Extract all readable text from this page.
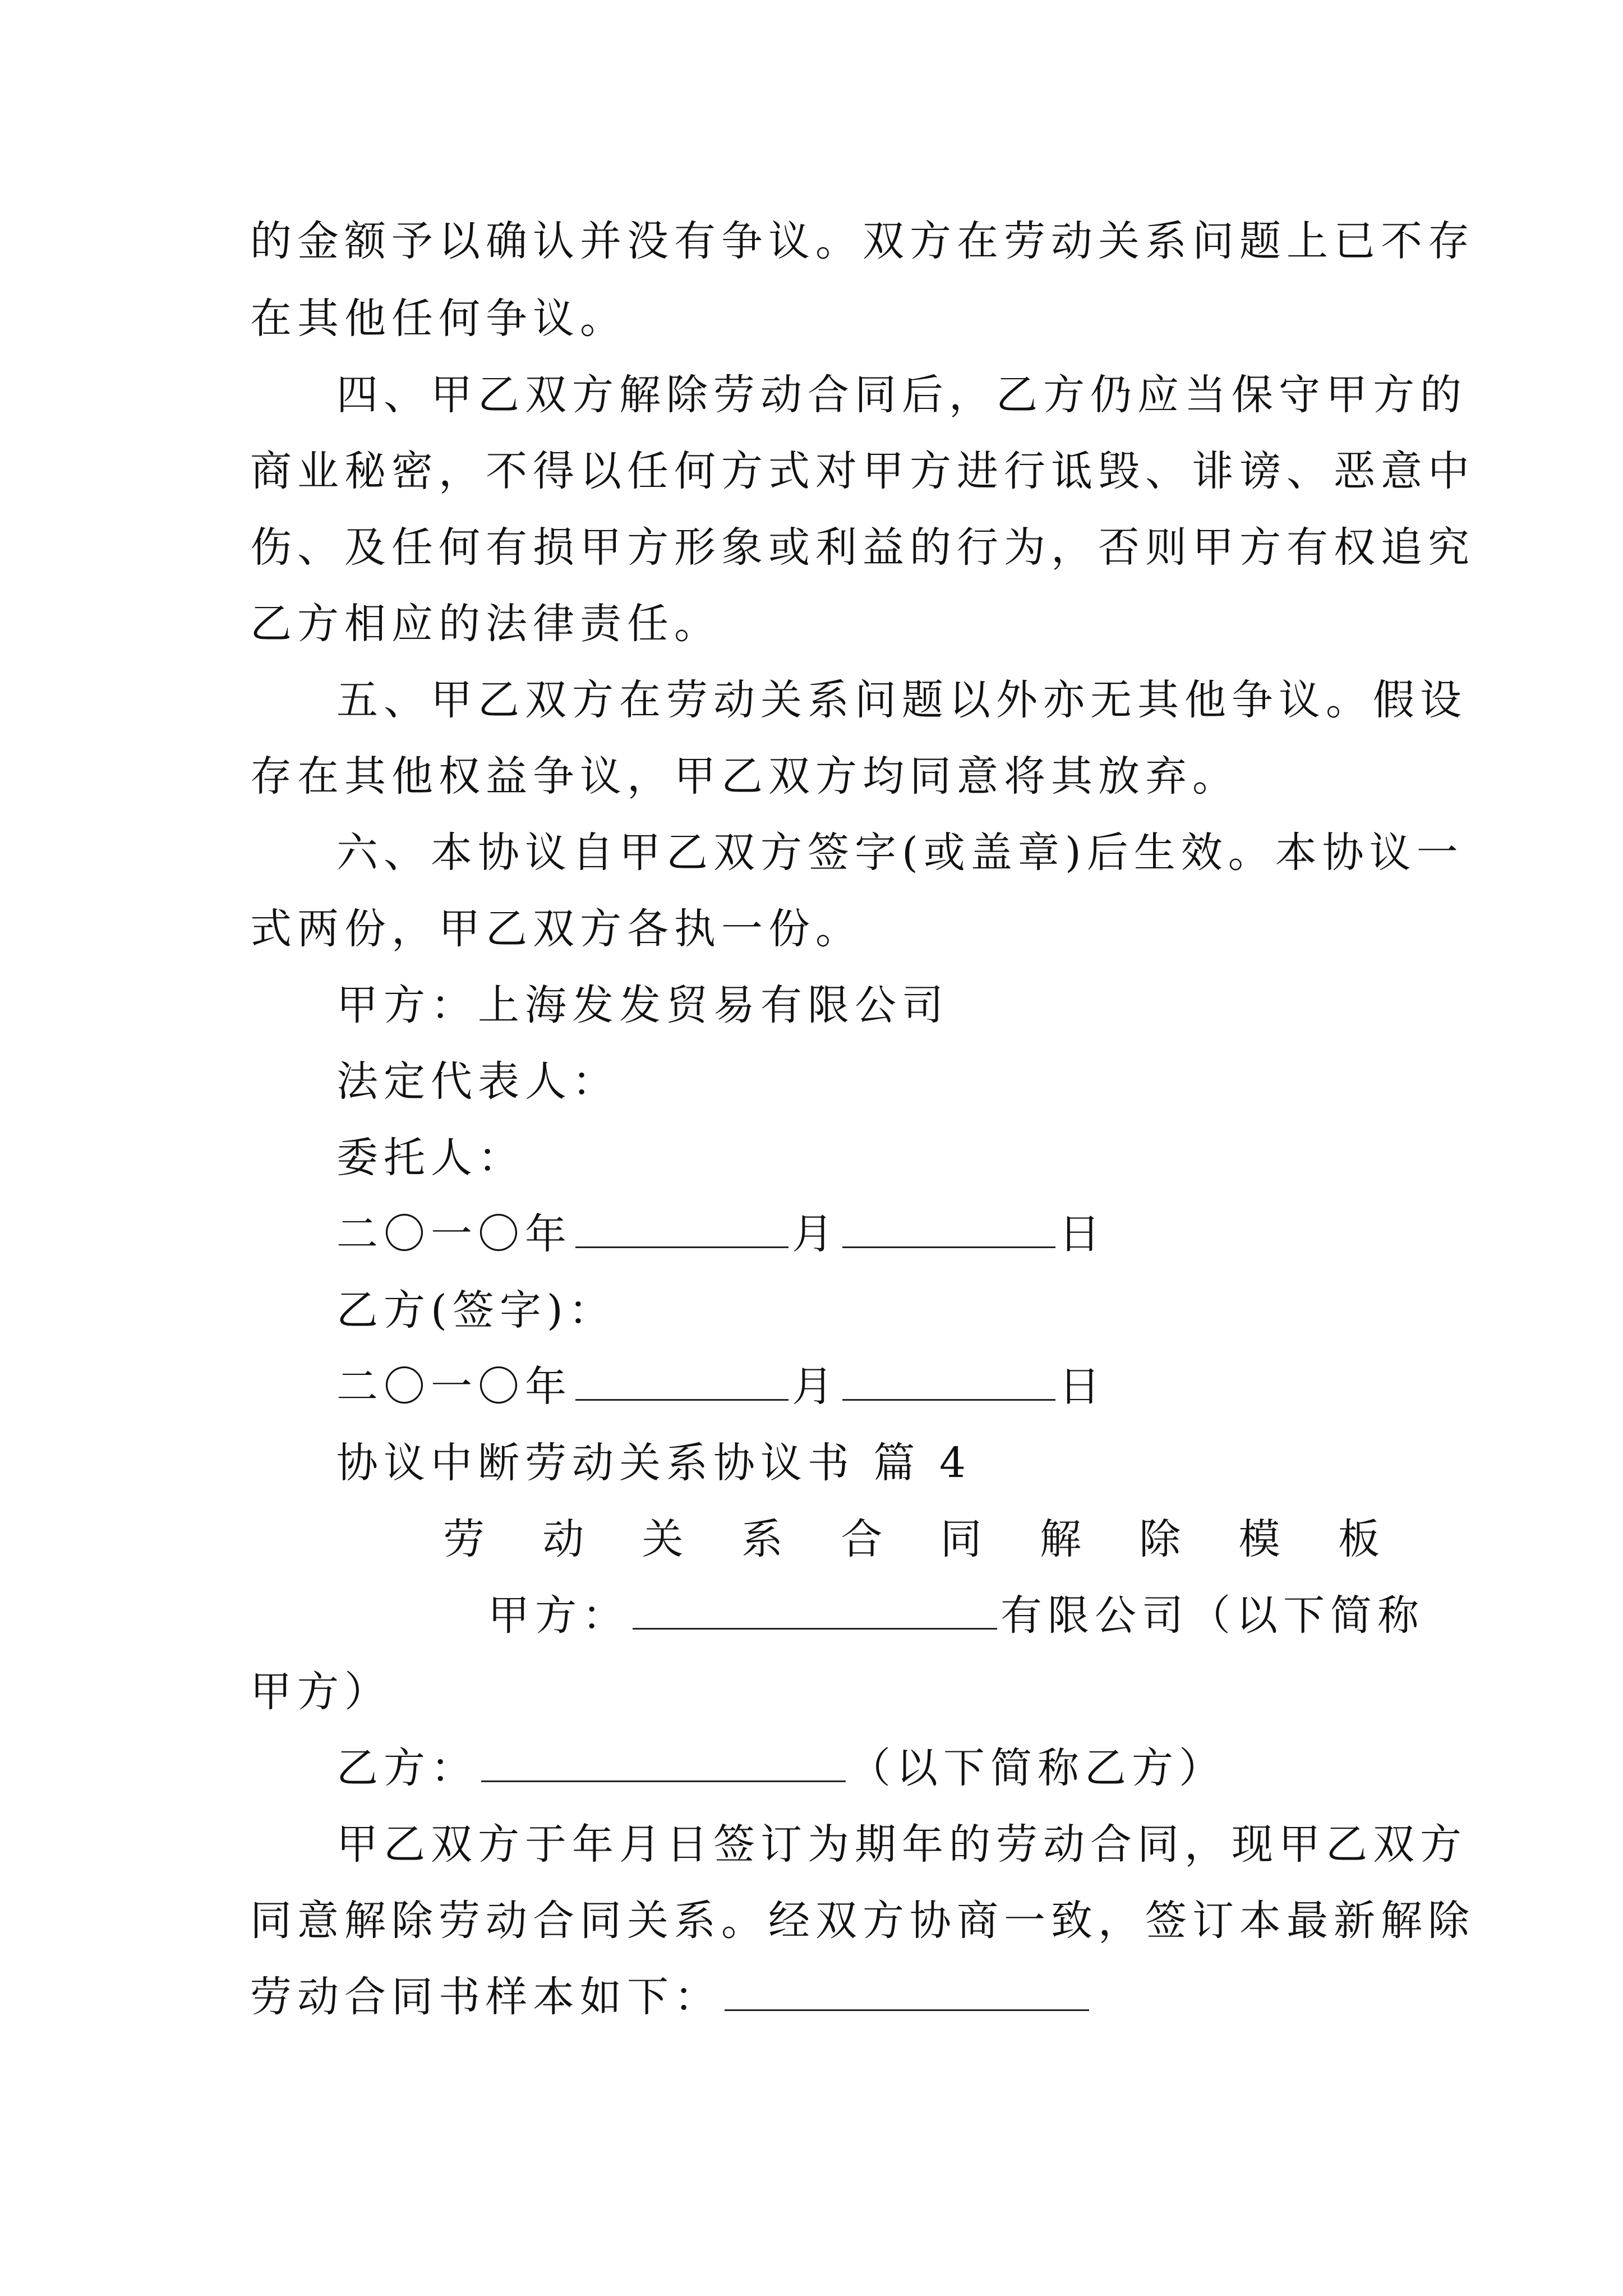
的金额予以确认并没有争议。双方在劳动关系问题上已不存
在其他任何争议。
四、甲乙双方解除劳动合同后，乙方仍应当保守甲方的
商业秘密，不得以任何方式对甲方进行诋毁、诽谤、恶意中
伤、及任何有损甲方形象或利益的行为，否则甲方有权追究
乙方相应的法律责任。
五、甲乙双方在劳动关系问题以外亦无其他争议。假设
存在其他权益争议，甲乙双方均同意将其放弃。
六、本协议自甲乙双方签字(或盖章)后生效。本协议一
式两份，甲乙双方各执一份。
甲方：上海发发贸易有限公司
法定代表人：
委托人：
二〇一〇年	月	日
乙方(签字)：
二〇一〇年	月	日
协议中断劳动关系协议书 篇 4
劳 动 关 系 合 同 解 除 模 板
甲方：	有限公司（以下简称
甲方）
乙方：	（以下简称乙方）
甲乙双方于年月日签订为期年的劳动合同，现甲乙双方
同意解除劳动合同关系。经双方协商一致，签订本最新解除
劳动合同书样本如下：
